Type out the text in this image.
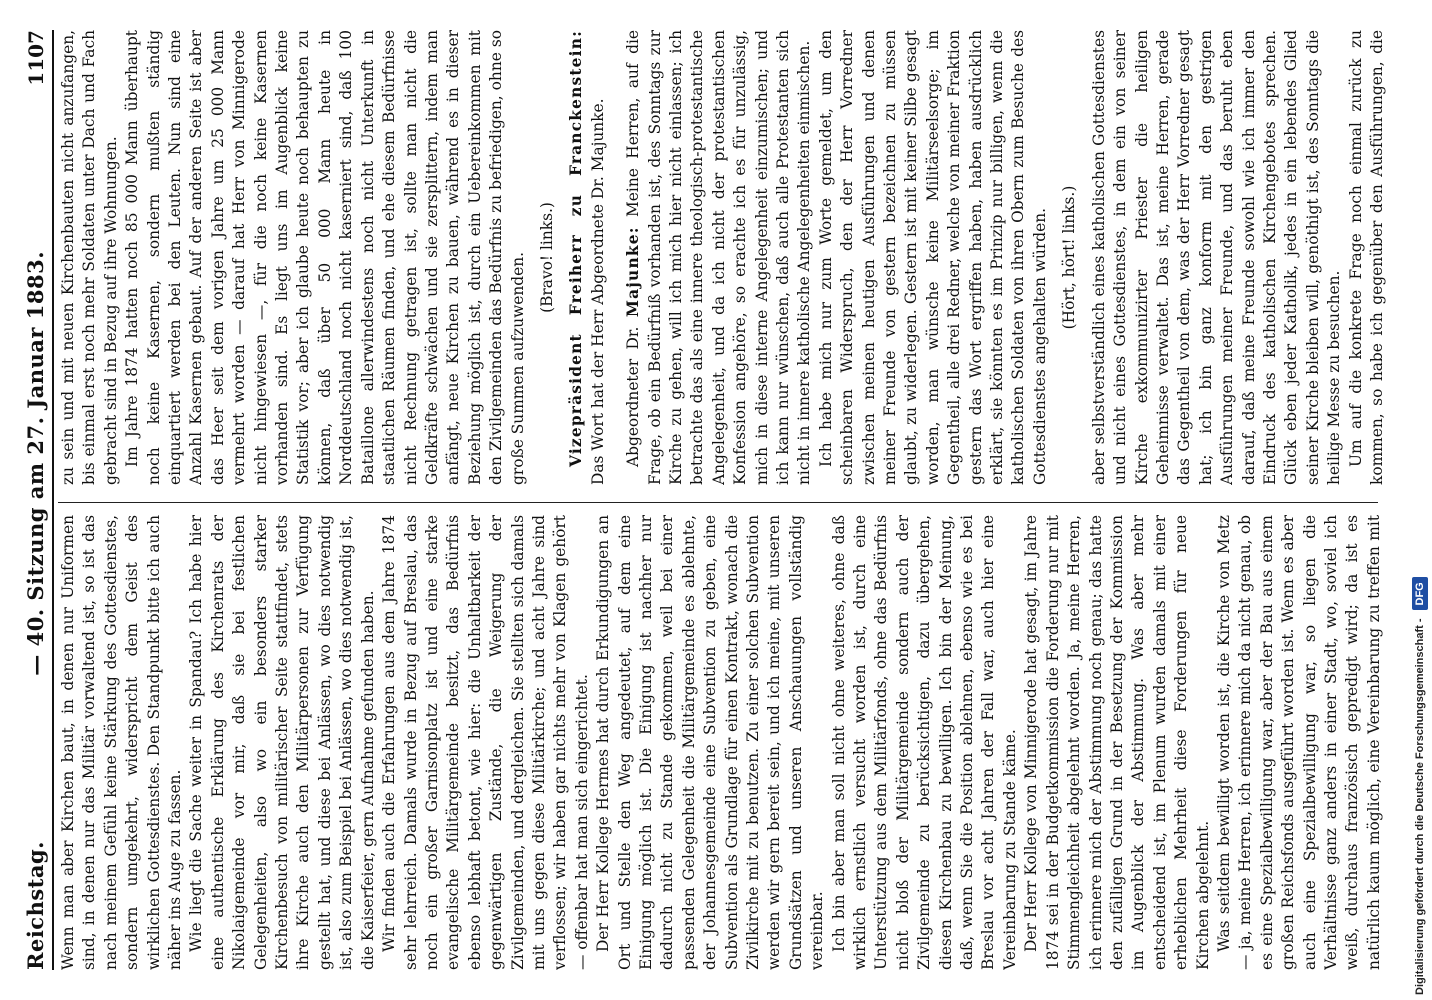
Reichstag.
— 40. Sitzung am 27. Januar 1883.
1107

Wenn man aber Kirchen baut, in denen nur Uniformen sind, in denen nur das Militär vorwaltend ist, so ist das nach meinem Gefühl keine Stärkung des Gottesdienstes, sondern umgekehrt, widerspricht dem Geist des wirklichen Gottesdienstes. Den Standpunkt bitte ich auch näher ins Auge zu fassen. Wie liegt die Sache weiter in Spandau? Ich habe hier eine authentische Erklärung des Kirchenrats der Nikolaigemeinde vor mir, daß sie bei festlichen Gelegenheiten, also wo ein besonders starker Kirchenbesuch von militärischer Seite stattfindet, stets ihre Kirche auch den Militärpersonen zur Verfügung gestellt hat, und diese bei Anlässen, wo dies notwendig ist, also zum Beispiel bei Anlässen, wo dies notwendig ist, die Kaiserfeier, gern Aufnahme gefunden haben. Wir finden auch die Erfahrungen aus dem Jahre 1874 sehr lehrreich. Damals wurde in Bezug auf Breslau, das noch ein großer Garnisonplatz ist und eine starke evangelische Militärgemeinde besitzt, das Bedürfnis ebenso lebhaft betont, wie hier: die Unhaltbarkeit der gegenwärtigen Zustände, die Weigerung der Zivilgemeinden, und dergleichen. Sie stellten sich damals mit uns gegen diese Militärkirche; und acht Jahre sind verflossen; wir haben gar nichts mehr von Klagen gehört — offenbar hat man sich eingerichtet. Der Herr Kollege Hermes hat durch Erkundigungen an Ort und Stelle den Weg angedeutet, auf dem eine Einigung möglich ist. Die Einigung ist nachher nur dadurch nicht zu Stande gekommen, weil bei einer passenden Gelegenheit die Militärgemeinde es ablehnte, der Johannesgemeinde eine Subvention zu geben, eine Subvention als Grundlage für einen Kontrakt, wonach die Zivilkirche mit zu benutzen. Zu einer solchen Subvention werden wir gern bereit sein, und ich meine, mit unseren Grundsätzen und unseren Anschauungen vollständig vereinbar. Ich bin aber man soll nicht ohne weiteres, ohne daß wirklich ernstlich versucht worden ist, durch eine Unterstützung aus dem Militärfonds, ohne das Bedürfnis nicht bloß der Militärgemeinde sondern auch der Zivilgemeinde zu berücksichtigen, dazu übergehen, diesen Kirchenbau zu bewilligen. Ich bin der Meinung, daß, wenn Sie die Position ablehnen, ebenso wie es bei Breslau vor acht Jahren der Fall war, auch hier eine Vereinbarung zu Stande käme. Der Herr Kollege von Minnigerode hat gesagt, im Jahre 1874 sei in der Budgetkommission die Forderung nur mit Stimmengleichheit abgelehnt worden. Ja, meine Herren, ich erinnere mich der Abstimmung noch genau; das hatte den zufälligen Grund in der Besetzung der Kommission im Augenblick der Abstimmung. Was aber mehr entscheidend ist, im Plenum wurden damals mit einer erheblichen Mehrheit diese Forderungen für neue Kirchen abgelehnt. Was seitdem bewilligt worden ist, die Kirche von Metz — ja, meine Herren, ich erinnere mich da nicht genau, ob es eine Spezialbewilligung war, aber der Bau aus einem großen Reichsfonds ausgeführt worden ist. Wenn es aber auch eine Spezialbewilligung war, so liegen die Verhältnisse ganz anders in einer Stadt, wo, soviel ich weiß, durchaus französisch gepredigt wird; da ist es natürlich kaum möglich, eine Vereinbarung zu treffen mit

zu sein und mit neuen Kirchenbauten nicht anzufangen, bis einmal erst noch mehr Soldaten unter Dach und Fach gebracht sind in Bezug auf ihre Wohnungen. Im Jahre 1874 hatten noch 85 000 Mann überhaupt noch keine Kasernen, sondern mußten ständig einquartiert werden bei den Leuten. Nun sind eine Anzahl Kasernen gebaut. Auf der anderen Seite ist aber das Heer seit dem vorigen Jahre um 25 000 Mann vermehrt worden — darauf hat Herr von Minnigerode nicht hingewiesen —, für die noch keine Kasernen vorhanden sind. Es liegt uns im Augenblick keine Statistik vor; aber ich glaube heute noch behaupten zu können, daß über 50 000 Mann heute in Norddeutschland noch nicht kaserniert sind, daß 100 Bataillone allerwindestens noch nicht Unterkunft in staatlichen Räumen finden, und ehe diesem Bedürfnisse nicht Rechnung getragen ist, sollte man nicht die Geldkräfte schwächen und sie zersplittern, indem man anfängt, neue Kirchen zu bauen, während es in dieser Beziehung möglich ist, durch ein Uebereinkommen mit den Zivilgemeinden das Bedürfnis zu befriedigen, ohne so große Summen aufzuwenden. (Bravo! links.) Vizepräsident Freiherr zu Franckenstein: Das Wort hat der Herr Abgeordnete Dr. Majunke. Abgeordneter Dr. Majunke: Meine Herren, auf die Frage, ob ein Bedürfniß vorhanden ist, des Sonntags zur Kirche zu gehen, will ich mich hier nicht einlassen; ich betrachte das als eine innere theologisch-protestantische Angelegenheit, und da ich nicht der protestantischen Konfession angehöre, so erachte ich es für unzulässig, mich in diese interne Angelegenheit einzumischen; und ich kann nur wünschen, daß auch alle Protestanten sich nicht in innere katholische Angelegenheiten einmischen. Ich habe mich nur zum Worte gemeldet, um den scheinbaren Widerspruch, den der Herr Vorredner zwischen meinen heutigen Ausführungen und denen meiner Freunde von gestern bezeichnen zu müssen glaubt, zu widerlegen. Gestern ist mit keiner Silbe gesagt worden, man wünsche keine Militärseelsorge; im Gegentheil, alle drei Redner, welche von meiner Fraktion gestern das Wort ergriffen haben, haben ausdrücklich erklärt, sie könnten es im Prinzip nur billigen, wenn die katholischen Soldaten von ihren Obern zum Besuche des Gottesdienstes angehalten würden. (Hört, hört! links.) aber selbstverständlich eines katholischen Gottesdienstes und nicht eines Gottesdienstes, in dem ein von seiner Kirche exkommunizirter Priester die heiligen Geheimnisse verwaltet. Das ist, meine Herren, gerade das Gegentheil von dem, was der Herr Vorredner gesagt hat; ich bin ganz konform mit den gestrigen Ausführungen meiner Freunde, und das beruht eben darauf, daß meine Freunde sowohl wie ich immer den Eindruck des katholischen Kirchengebotes sprechen. Glück eben jeder Katholik, jedes in ein lebendes Glied seiner Kirche bleiben will, genöthigt ist, des Sonntags die heilige Messe zu besuchen. Um auf die konkrete Frage noch einmal zurück zu kommen, so habe ich gegenüber den Ausführungen, die

Digitalisierung gefördert durch die Deutsche Forschungsgemeinschaft -
DFG
